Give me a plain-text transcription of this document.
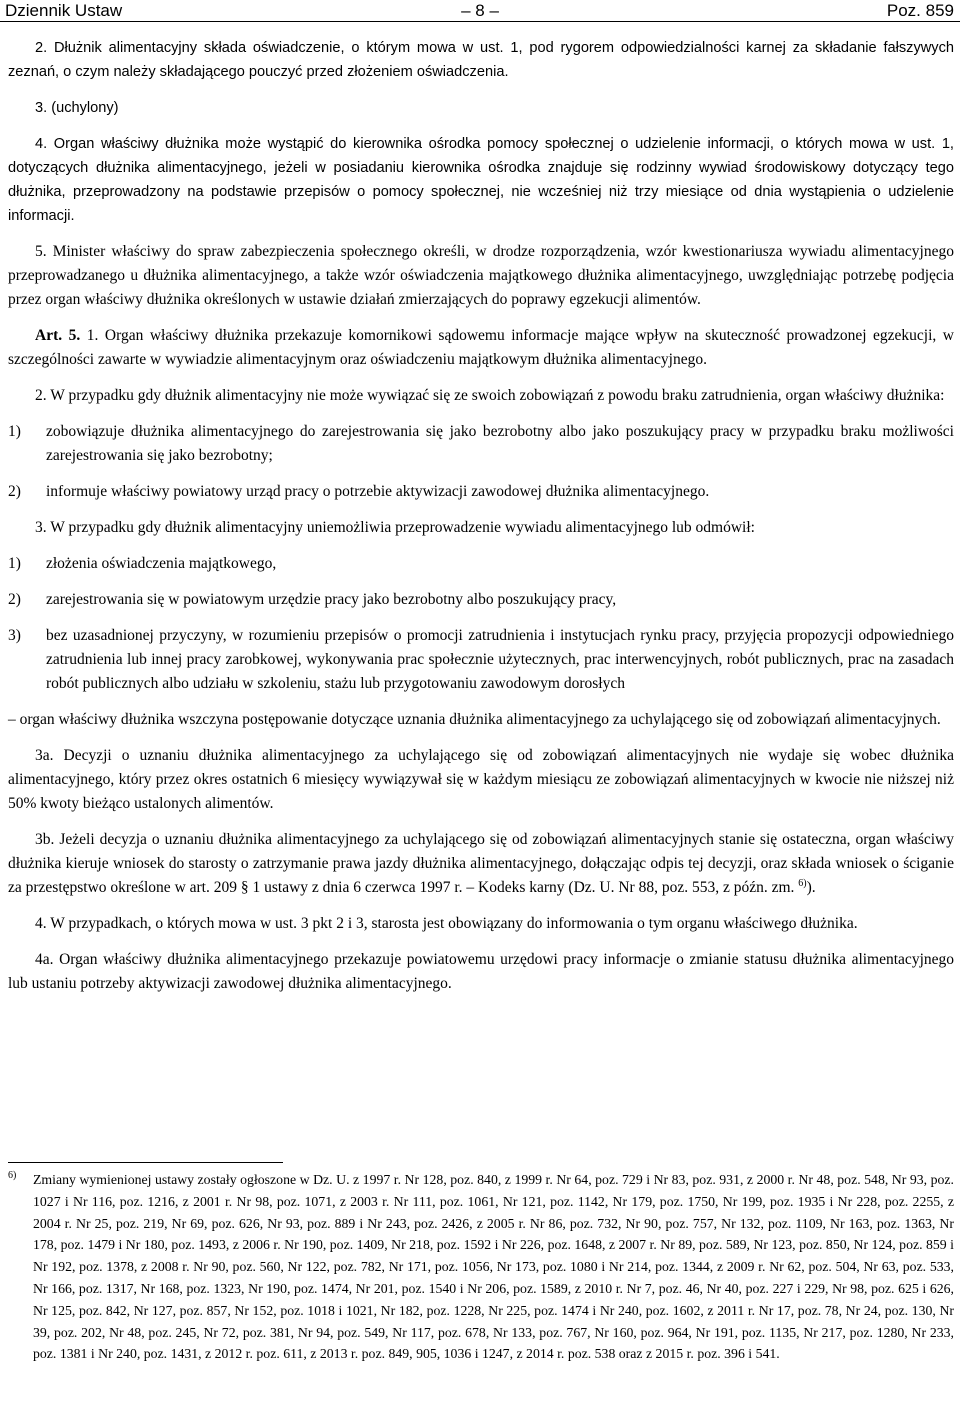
Dziennik Ustaw	– 8 –	Poz. 859

2. Dłużnik alimentacyjny składa oświadczenie, o którym mowa w ust. 1, pod rygorem odpowiedzialności karnej za składanie fałszywych zeznań, o czym należy składającego pouczyć przed złożeniem oświadczenia.

3. (uchylony)

4. Organ właściwy dłużnika może wystąpić do kierownika ośrodka pomocy społecznej o udzielenie informacji, o których mowa w ust. 1, dotyczących dłużnika alimentacyjnego, jeżeli w posiadaniu kierownika ośrodka znajduje się rodzinny wywiad środowiskowy dotyczący tego dłużnika, przeprowadzony na podstawie przepisów o pomocy społecznej, nie wcześniej niż trzy miesiące od dnia wystąpienia o udzielenie informacji.

5. Minister właściwy do spraw zabezpieczenia społecznego określi, w drodze rozporządzenia, wzór kwestionariusza wywiadu alimentacyjnego przeprowadzanego u dłużnika alimentacyjnego, a także wzór oświadczenia majątkowego dłużnika alimentacyjnego, uwzględniając potrzebę podjęcia przez organ właściwy dłużnika określonych w ustawie działań zmierzających do poprawy egzekucji alimentów.

Art. 5. 1. Organ właściwy dłużnika przekazuje komornikowi sądowemu informacje mające wpływ na skuteczność prowadzonej egzekucji, w szczególności zawarte w wywiadzie alimentacyjnym oraz oświadczeniu majątkowym dłużnika alimentacyjnego.

2. W przypadku gdy dłużnik alimentacyjny nie może wywiązać się ze swoich zobowiązań z powodu braku zatrudnienia, organ właściwy dłużnika:

1)	zobowiązuje dłużnika alimentacyjnego do zarejestrowania się jako bezrobotny albo jako poszukujący pracy w przypadku braku możliwości zarejestrowania się jako bezrobotny;
2)	informuje właściwy powiatowy urząd pracy o potrzebie aktywizacji zawodowej dłużnika alimentacyjnego.

3. W przypadku gdy dłużnik alimentacyjny uniemożliwia przeprowadzenie wywiadu alimentacyjnego lub odmówił:

1)	złożenia oświadczenia majątkowego,
2)	zarejestrowania się w powiatowym urzędzie pracy jako bezrobotny albo poszukujący pracy,
3)	bez uzasadnionej przyczyny, w rozumieniu przepisów o promocji zatrudnienia i instytucjach rynku pracy, przyjęcia propozycji odpowiedniego zatrudnienia lub innej pracy zarobkowej, wykonywania prac społecznie użytecznych, prac interwencyjnych, robót publicznych, prac na zasadach robót publicznych albo udziału w szkoleniu, stażu lub przygotowaniu zawodowym dorosłych

– organ właściwy dłużnika wszczyna postępowanie dotyczące uznania dłużnika alimentacyjnego za uchylającego się od zobowiązań alimentacyjnych.

3a. Decyzji o uznaniu dłużnika alimentacyjnego za uchylającego się od zobowiązań alimentacyjnych nie wydaje się wobec dłużnika alimentacyjnego, który przez okres ostatnich 6 miesięcy wywiązywał się w każdym miesiącu ze zobowiązań alimentacyjnych w kwocie nie niższej niż 50% kwoty bieżąco ustalonych alimentów.

3b. Jeżeli decyzja o uznaniu dłużnika alimentacyjnego za uchylającego się od zobowiązań alimentacyjnych stanie się ostateczna, organ właściwy dłużnika kieruje wniosek do starosty o zatrzymanie prawa jazdy dłużnika alimentacyjnego, dołączając odpis tej decyzji, oraz składa wniosek o ściganie za przestępstwo określone w art. 209 § 1 ustawy z dnia 6 czerwca 1997 r. – Kodeks karny (Dz. U. Nr 88, poz. 553, z późn. zm. $^{6)}$).

4. W przypadkach, o których mowa w ust. 3 pkt 2 i 3, starosta jest obowiązany do informowania o tym organu właściwego dłużnika.

4a. Organ właściwy dłużnika alimentacyjnego przekazuje powiatowemu urzędowi pracy informacje o zmianie statusu dłużnika alimentacyjnego lub ustaniu potrzeby aktywizacji zawodowej dłużnika alimentacyjnego.

6)	Zmiany wymienionej ustawy zostały ogłoszone w Dz. U. z 1997 r. Nr 128, poz. 840, z 1999 r. Nr 64, poz. 729 i Nr 83, poz. 931, z 2000 r. Nr 48, poz. 548, Nr 93, poz. 1027 i Nr 116, poz. 1216, z 2001 r. Nr 98, poz. 1071, z 2003 r. Nr 111, poz. 1061, Nr 121, poz. 1142, Nr 179, poz. 1750, Nr 199, poz. 1935 i Nr 228, poz. 2255, z 2004 r. Nr 25, poz. 219, Nr 69, poz. 626, Nr 93, poz. 889 i Nr 243, poz. 2426, z 2005 r. Nr 86, poz. 732, Nr 90, poz. 757, Nr 132, poz. 1109, Nr 163, poz. 1363, Nr 178, poz. 1479 i Nr 180, poz. 1493, z 2006 r. Nr 190, poz. 1409, Nr 218, poz. 1592 i Nr 226, poz. 1648, z 2007 r. Nr 89, poz. 589, Nr 123, poz. 850, Nr 124, poz. 859 i Nr 192, poz. 1378, z 2008 r. Nr 90, poz. 560, Nr 122, poz. 782, Nr 171, poz. 1056, Nr 173, poz. 1080 i Nr 214, poz. 1344, z 2009 r. Nr 62, poz. 504, Nr 63, poz. 533, Nr 166, poz. 1317, Nr 168, poz. 1323, Nr 190, poz. 1474, Nr 201, poz. 1540 i Nr 206, poz. 1589, z 2010 r. Nr 7, poz. 46, Nr 40, poz. 227 i 229, Nr 98, poz. 625 i 626, Nr 125, poz. 842, Nr 127, poz. 857, Nr 152, poz. 1018 i 1021, Nr 182, poz. 1228, Nr 225, poz. 1474 i Nr 240, poz. 1602, z 2011 r. Nr 17, poz. 78, Nr 24, poz. 130, Nr 39, poz. 202, Nr 48, poz. 245, Nr 72, poz. 381, Nr 94, poz. 549, Nr 117, poz. 678, Nr 133, poz. 767, Nr 160, poz. 964, Nr 191, poz. 1135, Nr 217, poz. 1280, Nr 233, poz. 1381 i Nr 240, poz. 1431, z 2012 r. poz. 611, z 2013 r. poz. 849, 905, 1036 i 1247, z 2014 r. poz. 538 oraz z 2015 r. poz. 396 i 541.
